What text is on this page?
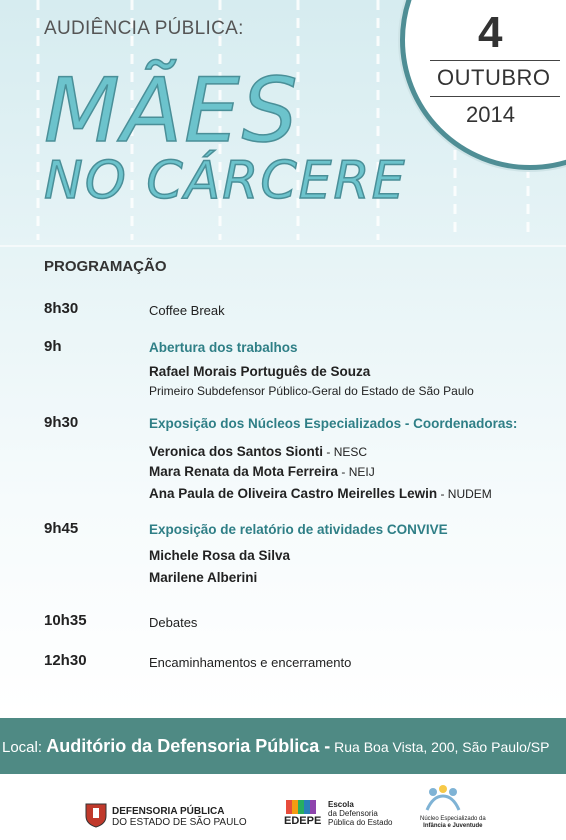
4
OUTUBRO
2014
AUDIÊNCIA PÚBLICA:
MÃES
NO CÁRCERE
PROGRAMAÇÃO
8h30	Coffee Break
9h	Abertura dos trabalhos
Rafael Morais Português de Souza
Primeiro Subdefensor Público-Geral do Estado de São Paulo
9h30	Exposição dos Núcleos Especializados - Coordenadoras:
Veronica dos Santos Sionti - NESC
Mara Renata da Mota Ferreira - NEIJ
Ana Paula de Oliveira Castro Meirelles Lewin - NUDEM
9h45	Exposição de relatório de atividades CONVIVE
Michele Rosa da Silva
Marilene Alberini
10h35	Debates
12h30	Encaminhamentos e encerramento
Local: Auditório da Defensoria Pública - Rua Boa Vista, 200, São Paulo/SP
DEFENSORIA PÚBLICA
DO ESTADO DE SÃO PAULO	EDEPE
Escola
da Defensoria
Pública do Estado	Núcleo Especializado da
Infância e Juventude
